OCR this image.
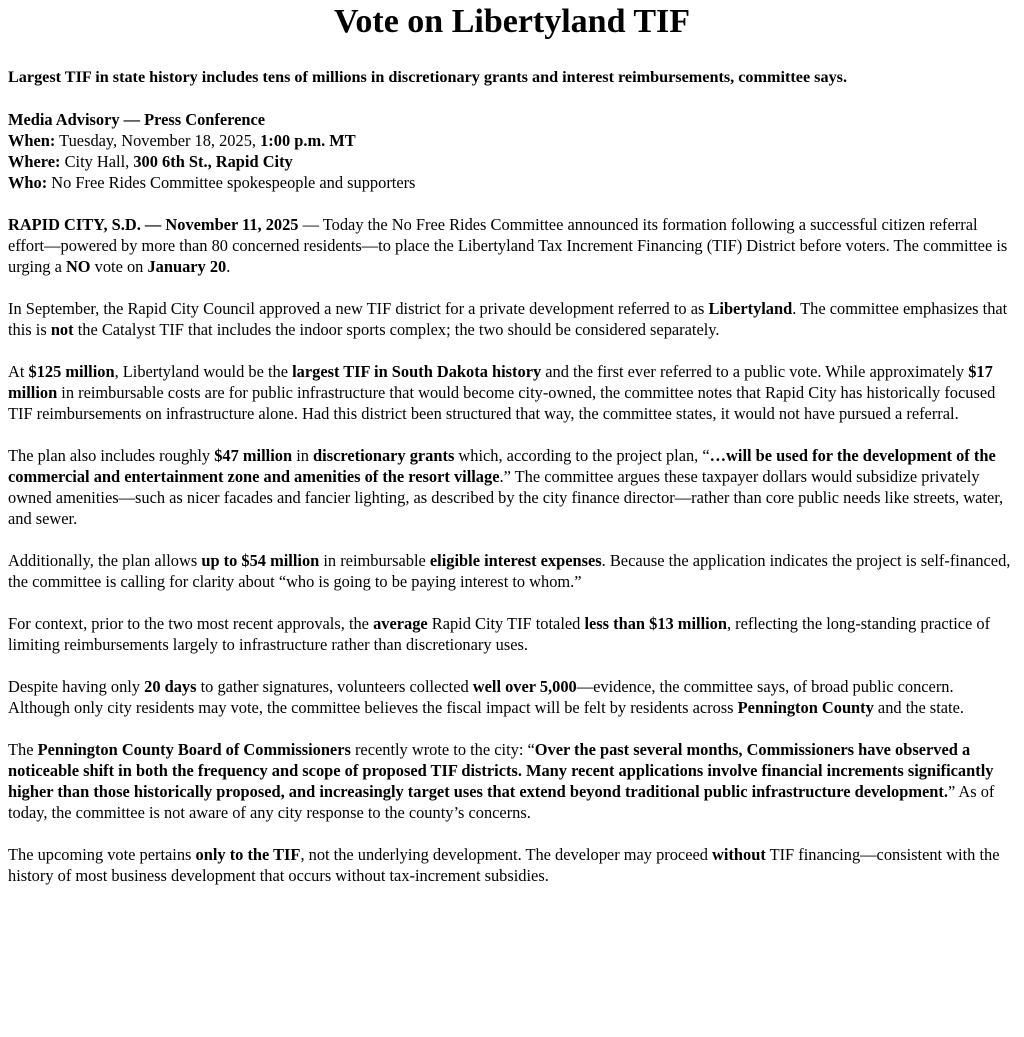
Vote on Libertyland TIF

Largest TIF in state history includes tens of millions in discretionary grants and interest reimbursements, committee says.

Media Advisory — Press Conference
When: Tuesday, November 18, 2025, 1:00 p.m. MT
Where: City Hall, 300 6th St., Rapid City
Who: No Free Rides Committee spokespeople and supporters

RAPID CITY, S.D. — November 11, 2025 — Today the No Free Rides Committee announced its formation following a successful citizen referral effort—powered by more than 80 concerned residents—to place the Libertyland Tax Increment Financing (TIF) District before voters. The committee is urging a NO vote on January 20.

In September, the Rapid City Council approved a new TIF district for a private development referred to as Libertyland. The committee emphasizes that this is not the Catalyst TIF that includes the indoor sports complex; the two should be considered separately.

At $125 million, Libertyland would be the largest TIF in South Dakota history and the first ever referred to a public vote. While approximately $17 million in reimbursable costs are for public infrastructure that would become city-owned, the committee notes that Rapid City has historically focused TIF reimbursements on infrastructure alone. Had this district been structured that way, the committee states, it would not have pursued a referral.

The plan also includes roughly $47 million in discretionary grants which, according to the project plan, “…will be used for the development of the commercial and entertainment zone and amenities of the resort village.” The committee argues these taxpayer dollars would subsidize privately owned amenities—such as nicer facades and fancier lighting, as described by the city finance director—rather than core public needs like streets, water, and sewer.

Additionally, the plan allows up to $54 million in reimbursable eligible interest expenses. Because the application indicates the project is self-financed, the committee is calling for clarity about “who is going to be paying interest to whom.”

For context, prior to the two most recent approvals, the average Rapid City TIF totaled less than $13 million, reflecting the long-standing practice of limiting reimbursements largely to infrastructure rather than discretionary uses.

Despite having only 20 days to gather signatures, volunteers collected well over 5,000—evidence, the committee says, of broad public concern. Although only city residents may vote, the committee believes the fiscal impact will be felt by residents across Pennington County and the state.

The Pennington County Board of Commissioners recently wrote to the city: “Over the past several months, Commissioners have observed a noticeable shift in both the frequency and scope of proposed TIF districts. Many recent applications involve financial increments significantly higher than those historically proposed, and increasingly target uses that extend beyond traditional public infrastructure development.” As of today, the committee is not aware of any city response to the county’s concerns.

The upcoming vote pertains only to the TIF, not the underlying development. The developer may proceed without TIF financing—consistent with the history of most business development that occurs without tax-increment subsidies.
